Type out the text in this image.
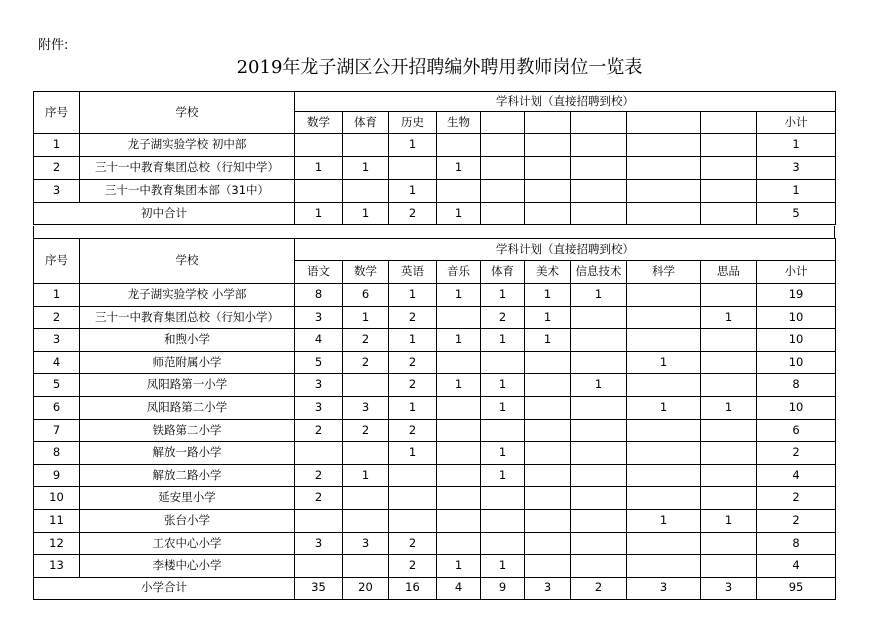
附件:
2019年龙子湖区公开招聘编外聘用教师岗位一览表
序号	学校	学科计划（直接招聘到校）									
		数学	体育	历史	生物						小计
1	龙子湖实验学校 初中部			1							1
2	三十一中教育集团总校（行知中学）	1	1		1						3
3	三十一中教育集团本部（31中）			1							1
初中合计		1	1	2	1						5
序号	学校	学科计划（直接招聘到校）									
		语文	数学	英语	音乐	体育	美术	信息技术	科学	思品	小计
1	龙子湖实验学校 小学部	8	6	1	1	1	1	1			19
2	三十一中教育集团总校（行知小学）	3	1	2		2	1			1	10
3	和煦小学	4	2	1	1	1	1				10
4	师范附属小学	5	2	2					1		10
5	凤阳路第一小学	3		2	1	1		1			8
6	凤阳路第二小学	3	3	1		1			1	1	10
7	铁路第二小学	2	2	2							6
8	解放一路小学			1		1					2
9	解放二路小学	2	1			1					4
10	延安里小学	2									2
11	张台小学								1	1	2
12	工农中心小学	3	3	2							8
13	李楼中心小学			2	1	1					4
小学合计		35	20	16	4	9	3	2	3	3	95
